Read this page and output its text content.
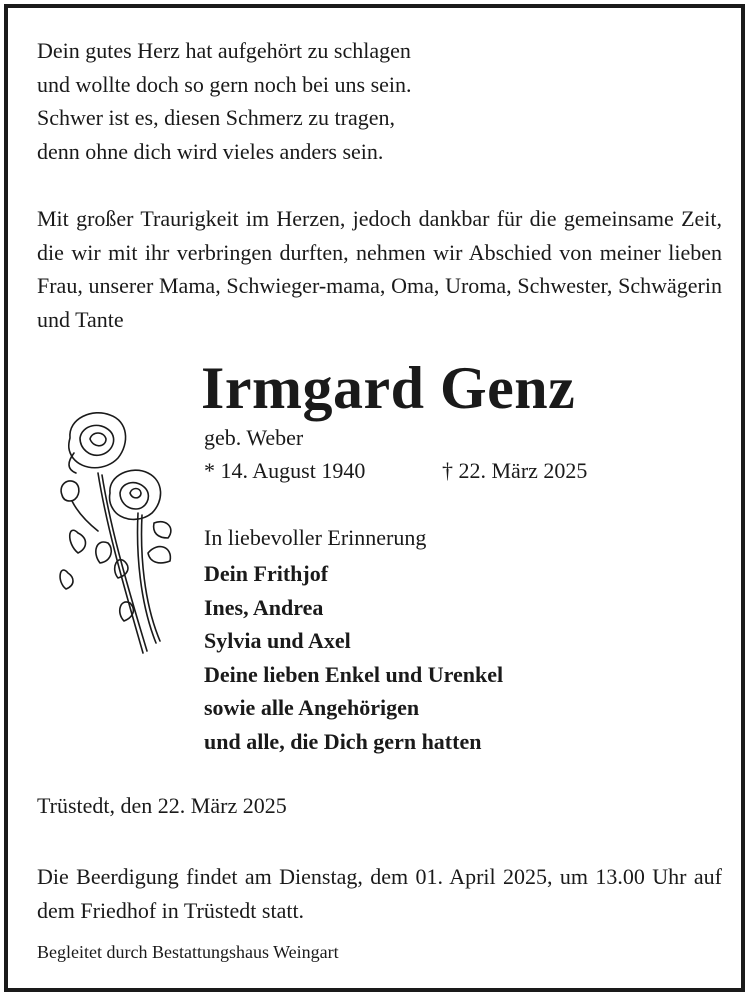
Dein gutes Herz hat aufgehört zu schlagen
und wollte doch so gern noch bei uns sein.
Schwer ist es, diesen Schmerz zu tragen,
denn ohne dich wird vieles anders sein.
Mit großer Traurigkeit im Herzen, jedoch dankbar für die gemeinsame Zeit, die wir mit ihr verbringen durften, nehmen wir Abschied von meiner lieben Frau, unserer Mama, Schwieger-mama, Oma, Uroma, Schwester, Schwägerin und Tante
Irmgard Genz
geb. Weber
* 14. August 1940	† 22. März 2025
In liebevoller Erinnerung
Dein Frithjof
Ines, Andrea
Sylvia und Axel
Deine lieben Enkel und Urenkel
sowie alle Angehörigen
und alle, die Dich gern hatten
Trüstedt, den 22. März 2025
Die Beerdigung findet am Dienstag, dem 01. April 2025, um 13.00 Uhr auf dem Friedhof in Trüstedt statt.
Begleitet durch Bestattungshaus Weingart
